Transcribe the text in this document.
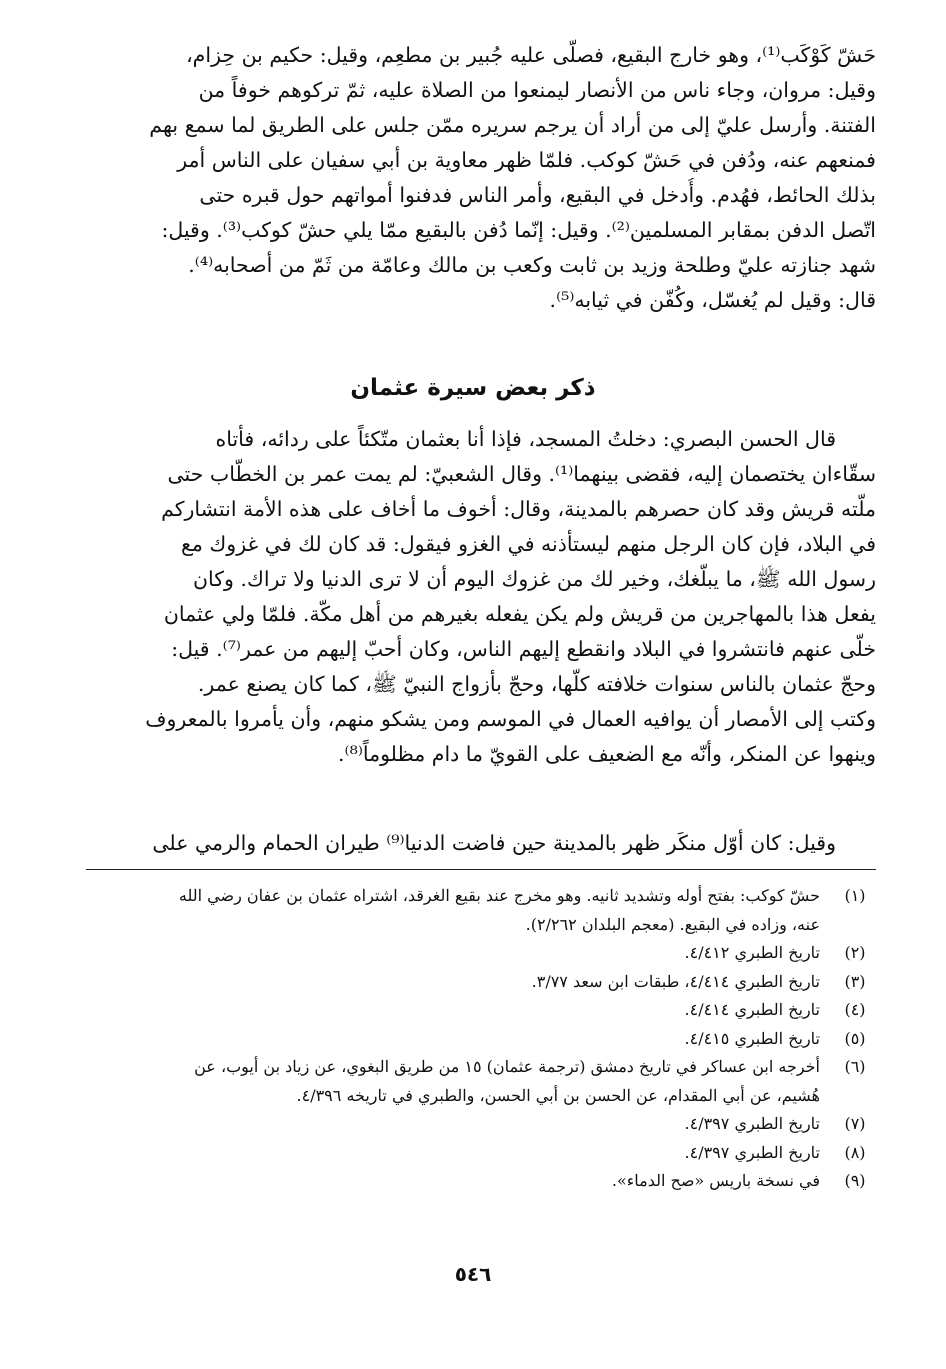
حَشّ كَوْكَب⁽¹⁾، وهو خارج البقيع، فصلّى عليه جُبير بن مطعِم، وقيل: حكيم بن حِزام،
وقيل: مروان، وجاء ناس من الأنصار ليمنعوا من الصلاة عليه، ثمّ تركوهم خوفاً من
الفتنة. وأرسل عليّ إلى من أراد أن يرجم سريره ممّن جلس على الطريق لما سمع بهم
فمنعهم عنه، ودُفن في حَشّ كوكب. فلمّا ظهر معاوية بن أبي سفيان على الناس أمر
بذلك الحائط، فهُدم. وأُدخل في البقيع، وأمر الناس فدفنوا أمواتهم حول قبره حتى
اتّصل الدفن بمقابر المسلمين⁽²⁾. وقيل: إنّما دُفن بالبقيع ممّا يلي حشّ كوكب⁽³⁾. وقيل:
شهد جنازته عليّ وطلحة وزيد بن ثابت وكعب بن مالك وعامّة من ثَمّ من أصحابه⁽⁴⁾.
قال: وقيل لم يُغسّل، وكُفّن في ثيابه⁽⁵⁾.
ذكر بعض سيرة عثمان
قال الحسن البصري: دخلتُ المسجد، فإذا أنا بعثمان متّكئاً على ردائه، فأتاه
سقّاءان يختصمان إليه، فقضى بينهما⁽¹⁾. وقال الشعبيّ: لم يمت عمر بن الخطّاب حتى
ملّته قريش وقد كان حصرهم بالمدينة، وقال: أخوف ما أخاف على هذه الأمة انتشاركم
في البلاد، فإن كان الرجل منهم ليستأذنه في الغزو فيقول: قد كان لك في غزوك مع
رسول الله ﷺ، ما يبلّغك، وخير لك من غزوك اليوم أن لا ترى الدنيا ولا تراك. وكان
يفعل هذا بالمهاجرين من قريش ولم يكن يفعله بغيرهم من أهل مكّة. فلمّا ولي عثمان
خلّى عنهم فانتشروا في البلاد وانقطع إليهم الناس، وكان أحبّ إليهم من عمر⁽⁷⁾. قيل:
وحجّ عثمان بالناس سنوات خلافته كلّها، وحجّ بأزواج النبيّ ﷺ، كما كان يصنع عمر.
وكتب إلى الأمصار أن يوافيه العمال في الموسم ومن يشكو منهم، وأن يأمروا بالمعروف
وينهوا عن المنكر، وأنّه مع الضعيف على القويّ ما دام مظلوماً⁽⁸⁾.
وقيل: كان أوّل منكَر ظهر بالمدينة حين فاضت الدنيا⁽⁹⁾ طيران الحمام والرمي على
(١)
حشّ كوكب: بفتح أوله وتشديد ثانيه. وهو مخرج عند بقيع الغرقد، اشتراه عثمان بن عفان رضي الله
عنه، وزاده في البقيع. (معجم البلدان ٢/٢٦٢).
(٢)
تاريخ الطبري ٤/٤١٢.
(٣)
تاريخ الطبري ٤/٤١٤، طبقات ابن سعد ٣/٧٧.
(٤)
تاريخ الطبري ٤/٤١٤.
(٥)
تاريخ الطبري ٤/٤١٥.
(٦)
أخرجه ابن عساكر في تاريخ دمشق (ترجمة عثمان) ١٥ من طريق البغوي، عن زياد بن أيوب، عن
هُشيم، عن أبي المقدام، عن الحسن بن أبي الحسن، والطبري في تاريخه ٤/٣٩٦.
(٧)
تاريخ الطبري ٤/٣٩٧.
(٨)
تاريخ الطبري ٤/٣٩٧.
(٩)
في نسخة باريس «صح الدماء».
٥٤٦
